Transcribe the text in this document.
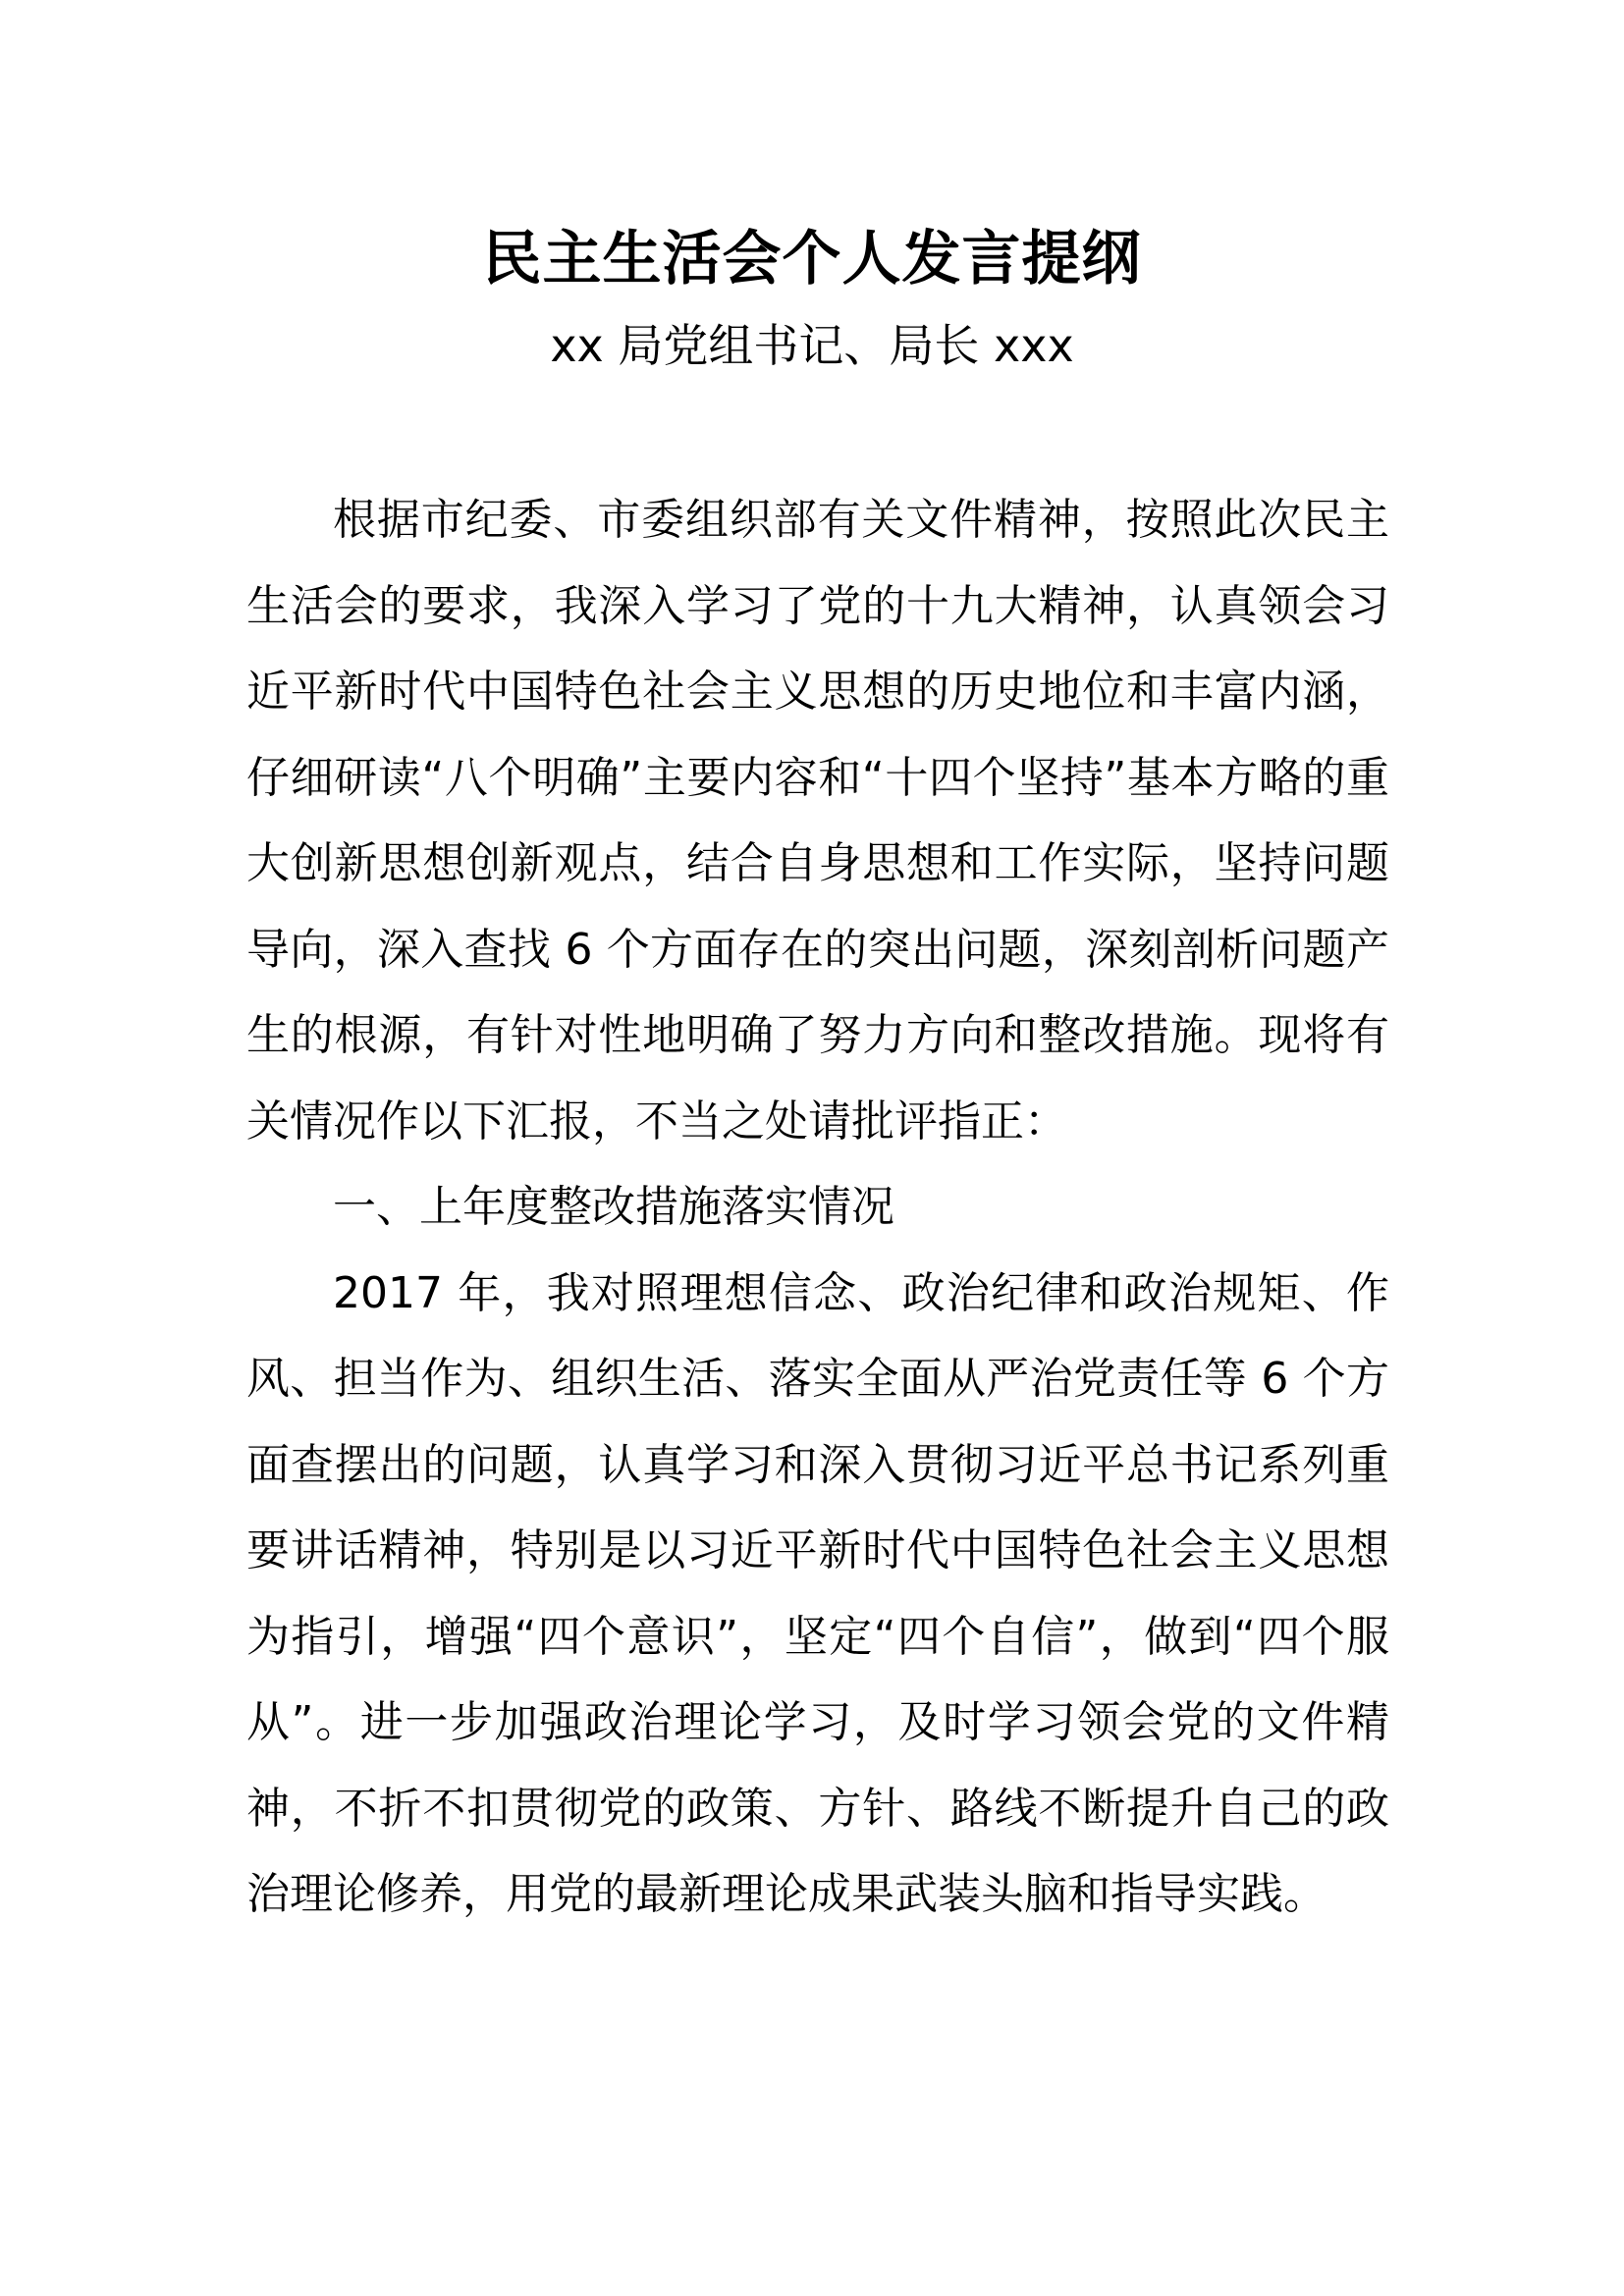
民主生活会个人发言提纲
xx 局党组书记、局长 xxx

根据市纪委、市委组织部有关文件精神，按照此次民主生活会的要求，我深入学习了党的十九大精神，认真领会习近平新时代中国特色社会主义思想的历史地位和丰富内涵，仔细研读“八个明确”主要内容和“十四个坚持”基本方略的重大创新思想创新观点，结合自身思想和工作实际，坚持问题导向，深入查找 6 个方面存在的突出问题，深刻剖析问题产生的根源，有针对性地明确了努力方向和整改措施。现将有关情况作以下汇报，不当之处请批评指正：

一、上年度整改措施落实情况

2017 年，我对照理想信念、政治纪律和政治规矩、作风、担当作为、组织生活、落实全面从严治党责任等 6 个方面查摆出的问题，认真学习和深入贯彻习近平总书记系列重要讲话精神，特别是以习近平新时代中国特色社会主义思想为指引，增强“四个意识”，坚定“四个自信”，做到“四个服从”。进一步加强政治理论学习，及时学习领会党的文件精神，不折不扣贯彻党的政策、方针、路线不断提升自己的政治理论修养，用党的最新理论成果武装头脑和指导实践。
